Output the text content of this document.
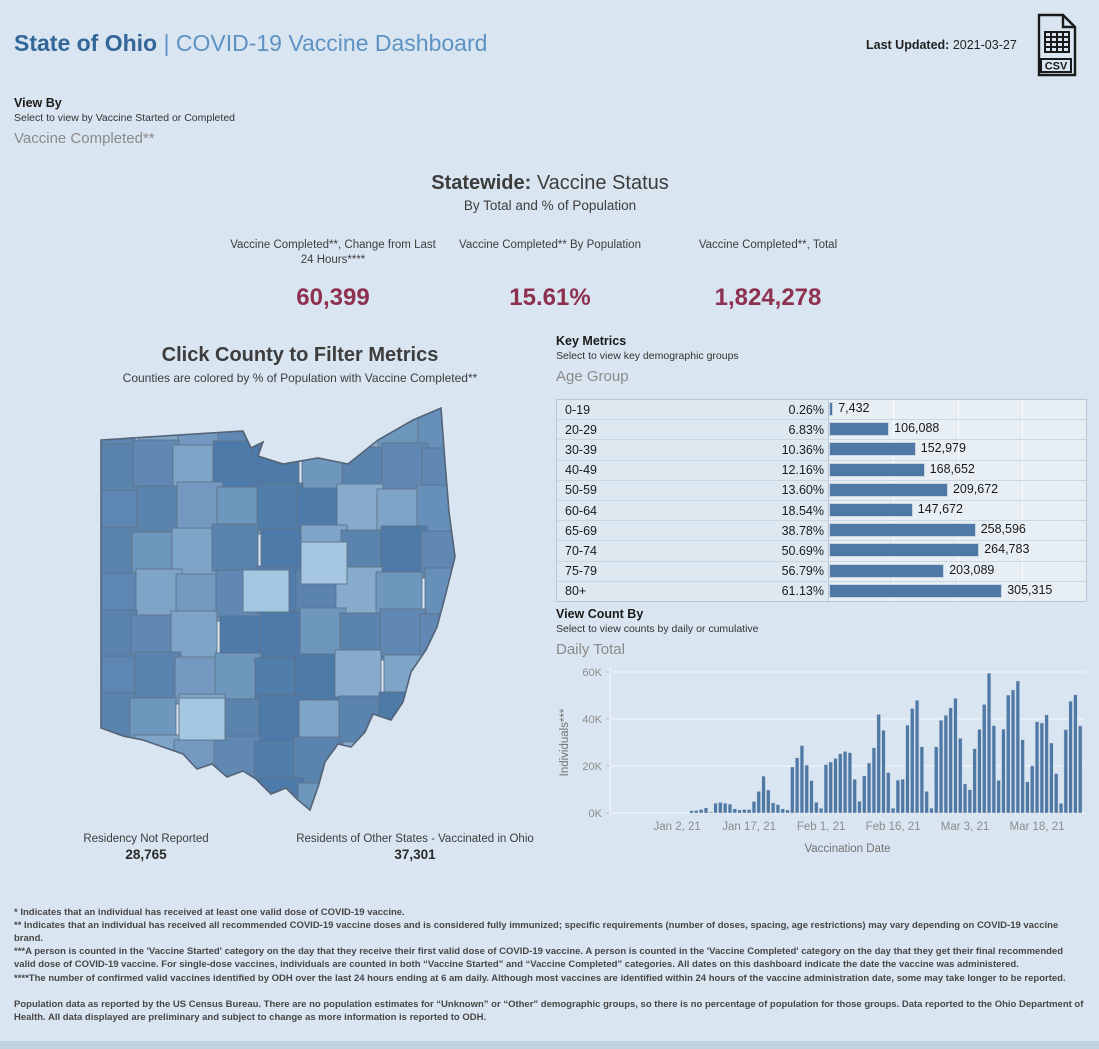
State of Ohio | COVID-19 Vaccine Dashboard	Last Updated: 2021-03-27
CSV
View By
Select to view by Vaccine Started or Completed
Vaccine Completed**
Statewide: Vaccine Status
By Total and % of Population
Vaccine Completed**, Change from Last 24 Hours****
Vaccine Completed** By Population	Vaccine Completed**, Total
60,399	15.61%	1,824,278
Click County to Filter Metrics
Counties are colored by % of Population with Vaccine Completed**
Residency Not Reported
28,765
Residents of Other States - Vaccinated in Ohio
37,301
Key Metrics
Select to view key demographic groups
Age Group
0-19	0.26%	7,432
20-29	6.83%	106,088
30-39	10.36%	152,979
40-49	12.16%	168,652
50-59	13.60%	209,672
60-64	18.54%	147,672
65-69	38.78%	258,596
70-74	50.69%	264,783
75-79	56.79%	203,089
80+	61.13%	305,315
View Count By
Select to view counts by daily or cumulative
Daily Total
0K
20K
40K
60K
Jan 2, 21 Jan 17, 21 Feb 1, 21 Feb 16, 21 Mar 3, 21 Mar 18, 21
Vaccination Date
Individuals***
* Indicates that an individual has received at least one valid dose of COVID-19 vaccine.
** Indicates that an individual has received all recommended COVID-19 vaccine doses and is considered fully immunized; specific requirements (number of doses, spacing, age restrictions) may vary depending on COVID-19 vaccine brand.
***A person is counted in the 'Vaccine Started' category on the day that they receive their first valid dose of COVID-19 vaccine. A person is counted in the 'Vaccine Completed' category on the day that they get their final recommended valid dose of COVID-19 vaccine. For single-dose vaccines, individuals are counted in both “Vaccine Started” and “Vaccine Completed” categories. All dates on this dashboard indicate the date the vaccine was administered.
****The number of confirmed valid vaccines identified by ODH over the last 24 hours ending at 6 am daily. Although most vaccines are identified within 24 hours of the vaccine administration date, some may take longer to be reported.
Population data as reported by the US Census Bureau. There are no population estimates for “Unknown” or “Other” demographic groups, so there is no percentage of population for those groups. Data reported to the Ohio Department of Health. All data displayed are preliminary and subject to change as more information is reported to ODH.
